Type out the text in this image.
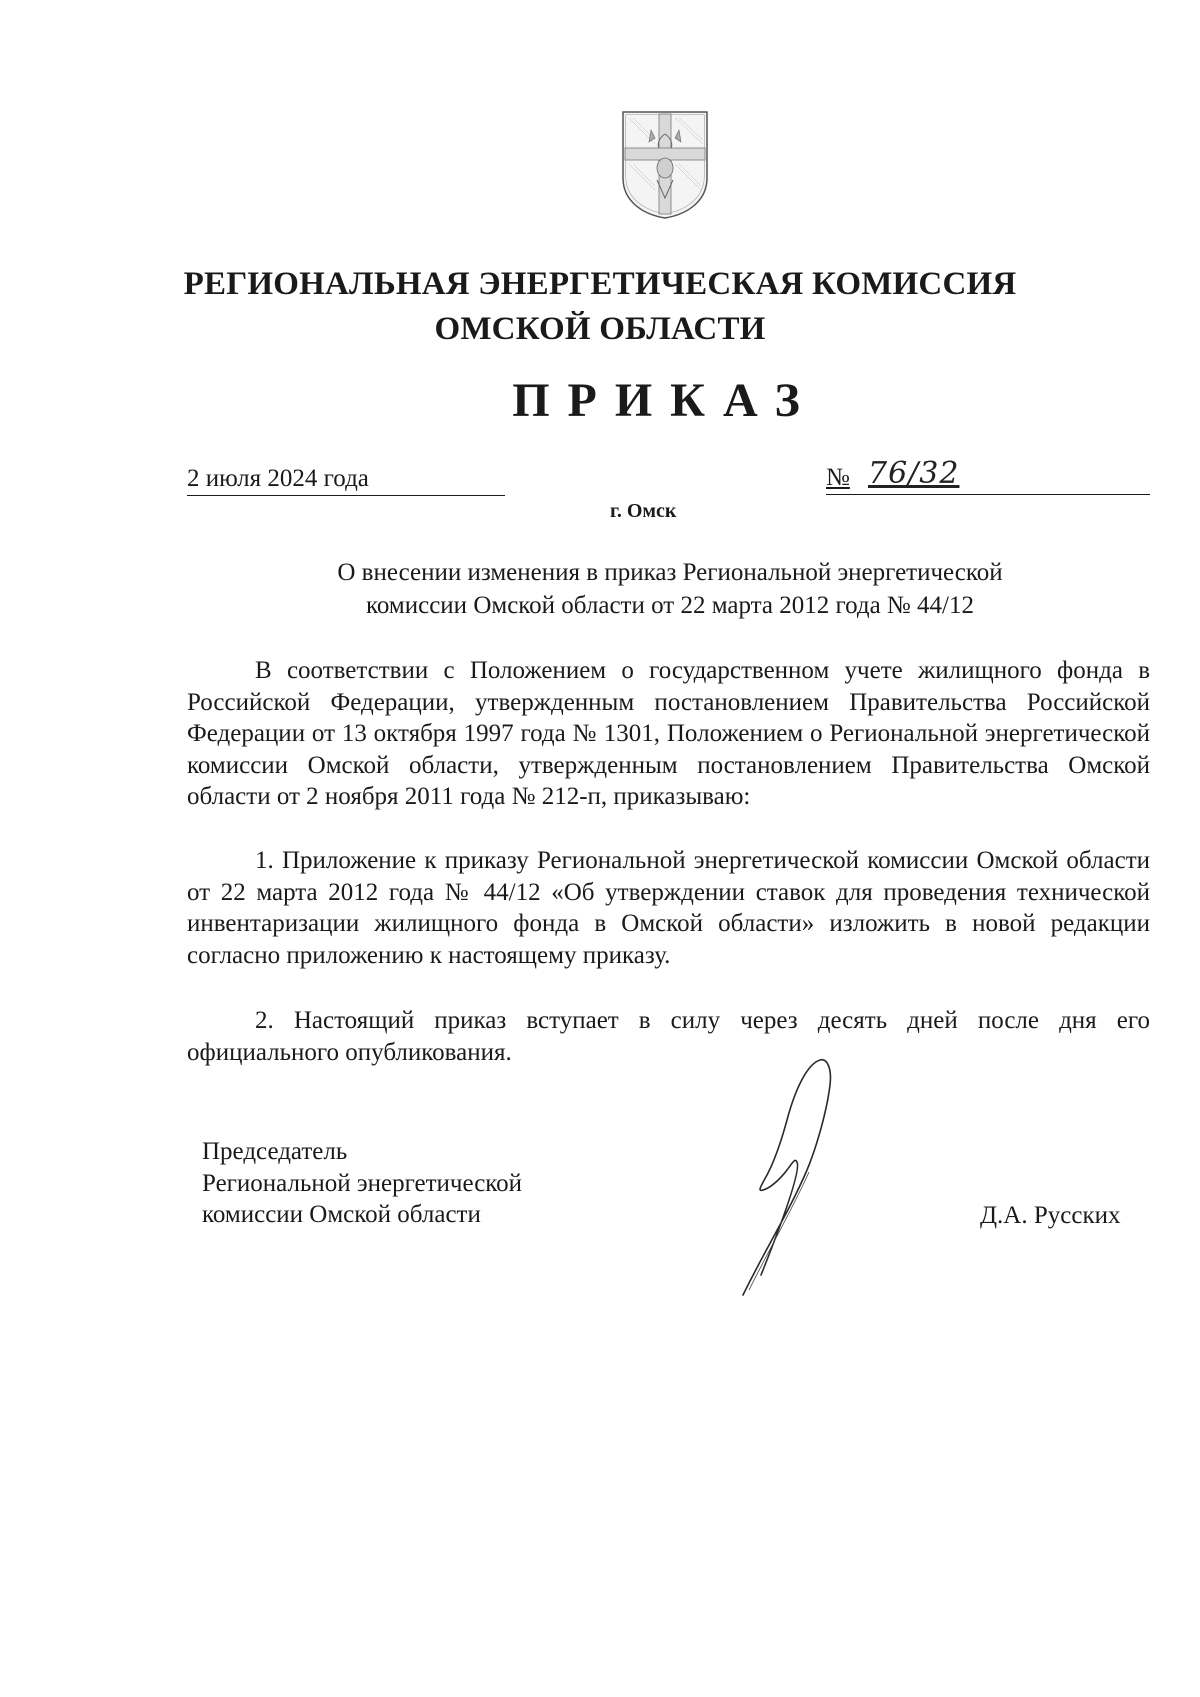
РЕГИОНАЛЬНАЯ ЭНЕРГЕТИЧЕСКАЯ КОМИССИЯ
ОМСКОЙ ОБЛАСТИ
ПРИКАЗ
2 июля 2024 года	№ 76/32
г. Омск
О внесении изменения в приказ Региональной энергетической
комиссии Омской области от 22 марта 2012 года № 44/12

В соответствии с Положением о государственном учете жилищного фонда в Российской Федерации, утвержденным постановлением Правительства Российской Федерации от 13 октября 1997 года № 1301, Положением о Региональной энергетической комиссии Омской области, утвержденным постановлением Правительства Омской области от 2 ноября 2011 года № 212-п, приказываю:

1. Приложение к приказу Региональной энергетической комиссии Омской области от 22 марта 2012 года № 44/12 «Об утверждении ставок для проведения технической инвентаризации жилищного фонда в Омской области» изложить в новой редакции согласно приложению к настоящему приказу.

2. Настоящий приказ вступает в силу через десять дней после дня его официального опубликования.

Председатель
Региональной энергетической
комиссии Омской области	Д.А. Русских
